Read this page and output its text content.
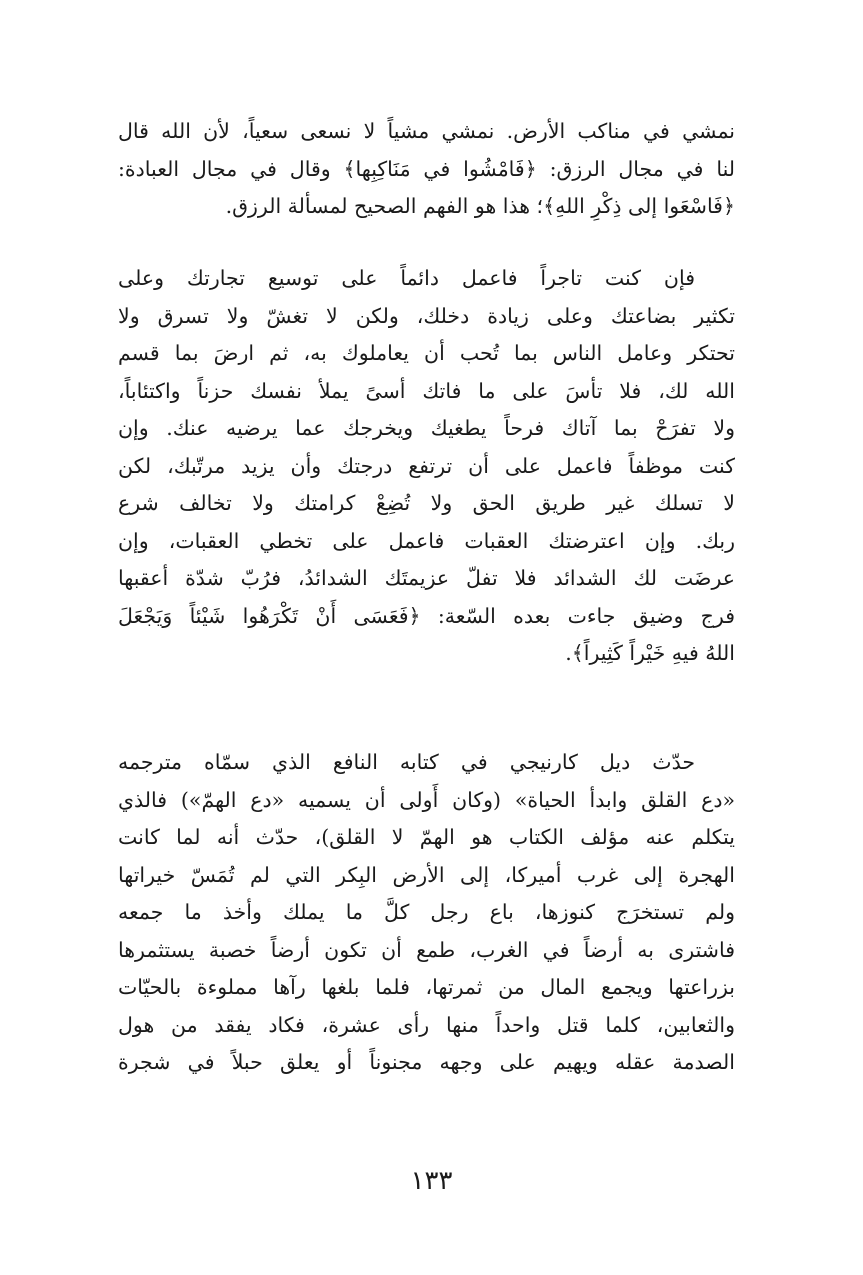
نمشي في مناكب الأرض. نمشي مشياً لا نسعى سعياً، لأن الله قال
لنا في مجال الرزق: ﴿فَامْشُوا في مَنَاكِبِها﴾ وقال في مجال العبادة:
﴿فَاسْعَوا إلى ذِكْرِ اللهِ﴾؛ هذا هو الفهم الصحيح لمسألة الرزق.
فإن كنت تاجراً فاعمل دائماً على توسيع تجارتك وعلى
تكثير بضاعتك وعلى زيادة دخلك، ولكن لا تغشّ ولا تسرق ولا
تحتكر وعامل الناس بما تُحب أن يعاملوك به، ثم ارضَ بما قسم
الله لك، فلا تأسَ على ما فاتك أسىً يملأ نفسك حزناً واكتئاباً،
ولا تفرَحْ بما آتاك فرحاً يطغيك ويخرجك عما يرضيه عنك. وإن
كنت موظفاً فاعمل على أن ترتفع درجتك وأن يزيد مرتّبك، لكن
لا تسلك غير طريق الحق ولا تُضِعْ كرامتك ولا تخالف شرع
ربك. وإن اعترضتك العقبات فاعمل على تخطي العقبات، وإن
عرضَت لك الشدائد فلا تفلّ عزيمتَك الشدائدُ، فرُبّ شدّة أعقبها
فرج وضيق جاءت بعده السّعة: ﴿فَعَسَى أَنْ تَكْرَهُوا شَيْئاً وَيَجْعَلَ
اللهُ فيهِ خَيْراً كَثِيراً﴾.
حدّث ديل كارنيجي في كتابه النافع الذي سمّاه مترجمه
«دع القلق وابدأ الحياة» (وكان أَولى أن يسميه «دع الهمّ») فالذي
يتكلم عنه مؤلف الكتاب هو الهمّ لا القلق)، حدّث أنه لما كانت
الهجرة إلى غرب أميركا، إلى الأرض البِكر التي لم تُمَسّ خيراتها
ولم تستخرَج كنوزها، باع رجل كلَّ ما يملك وأخذ ما جمعه
فاشترى به أرضاً في الغرب، طمع أن تكون أرضاً خصبة يستثمرها
بزراعتها ويجمع المال من ثمرتها، فلما بلغها رآها مملوءة بالحيّات
والثعابين، كلما قتل واحداً منها رأى عشرة، فكاد يفقد من هول
الصدمة عقله ويهيم على وجهه مجنوناً أو يعلق حبلاً في شجرة
١٣٣
